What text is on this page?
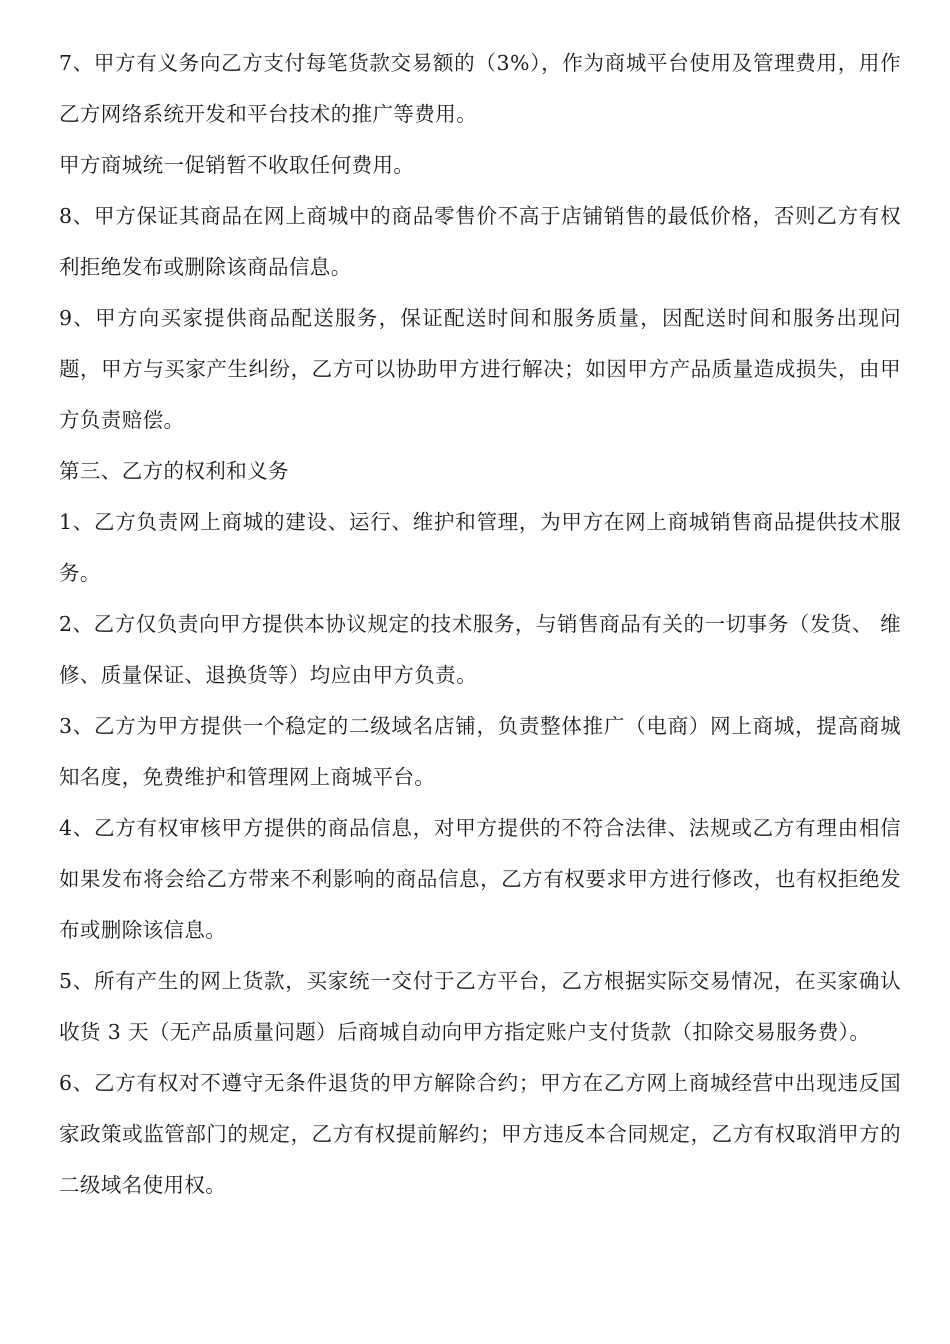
7、甲方有义务向乙方支付每笔货款交易额的（3%），作为商城平台使用及管理费用，用作乙方网络系统开发和平台技术的推广等费用。

甲方商城统一促销暂不收取任何费用。

8、甲方保证其商品在网上商城中的商品零售价不高于店铺销售的最低价格，否则乙方有权利拒绝发布或删除该商品信息。

9、甲方向买家提供商品配送服务，保证配送时间和服务质量，因配送时间和服务出现问题，甲方与买家产生纠纷，乙方可以协助甲方进行解决；如因甲方产品质量造成损失，由甲方负责赔偿。

第三、乙方的权利和义务

1、乙方负责网上商城的建设、运行、维护和管理，为甲方在网上商城销售商品提供技术服务。

2、乙方仅负责向甲方提供本协议规定的技术服务，与销售商品有关的一切事务（发货、 维修、质量保证、退换货等）均应由甲方负责。

3、乙方为甲方提供一个稳定的二级域名店铺，负责整体推广（电商）网上商城，提高商城知名度，免费维护和管理网上商城平台。

4、乙方有权审核甲方提供的商品信息，对甲方提供的不符合法律、法规或乙方有理由相信如果发布将会给乙方带来不利影响的商品信息，乙方有权要求甲方进行修改，也有权拒绝发布或删除该信息。

5、所有产生的网上货款，买家统一交付于乙方平台，乙方根据实际交易情况，在买家确认收货 3 天（无产品质量问题）后商城自动向甲方指定账户支付货款（扣除交易服务费）。

6、乙方有权对不遵守无条件退货的甲方解除合约；甲方在乙方网上商城经营中出现违反国家政策或监管部门的规定，乙方有权提前解约；甲方违反本合同规定，乙方有权取消甲方的二级域名使用权。
